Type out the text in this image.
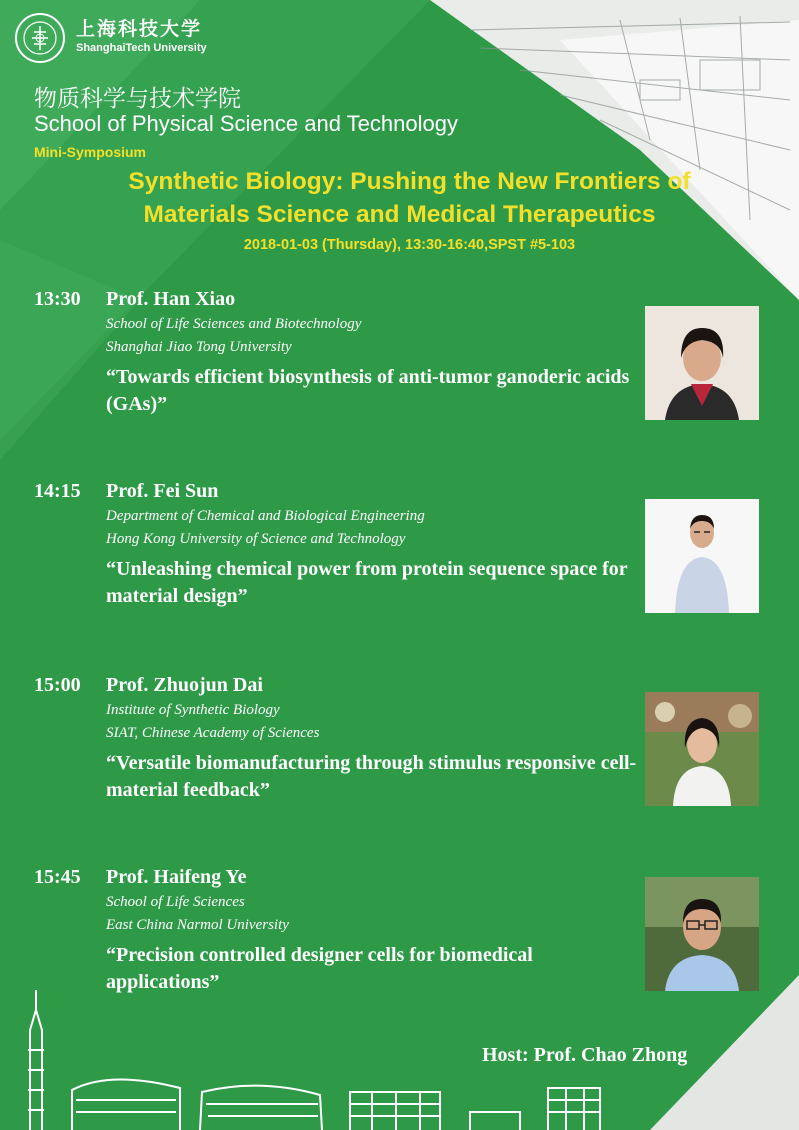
上海科技大学
ShanghaiTech University
物质科学与技术学院
School of Physical Science and Technology
Mini-Symposium
Synthetic Biology: Pushing the New Frontiers of
Materials Science and Medical Therapeutics
2018-01-03 (Thursday), 13:30-16:40,SPST #5-103
13:30 Prof. Han Xiao
School of Life Sciences and Biotechnology
Shanghai Jiao Tong University
“Towards efficient biosynthesis of anti-tumor ganoderic acids (GAs)”
14:15 Prof. Fei Sun
Department of Chemical and Biological Engineering
Hong Kong University of Science and Technology
“Unleashing chemical power from protein sequence space for material design”
15:00 Prof. Zhuojun Dai
Institute of Synthetic Biology
SIAT, Chinese Academy of Sciences
“Versatile biomanufacturing through stimulus responsive cell-material feedback”
15:45 Prof. Haifeng Ye
School of Life Sciences
East China Narmol University
“Precision controlled designer cells for biomedical applications”
Host: Prof. Chao Zhong
